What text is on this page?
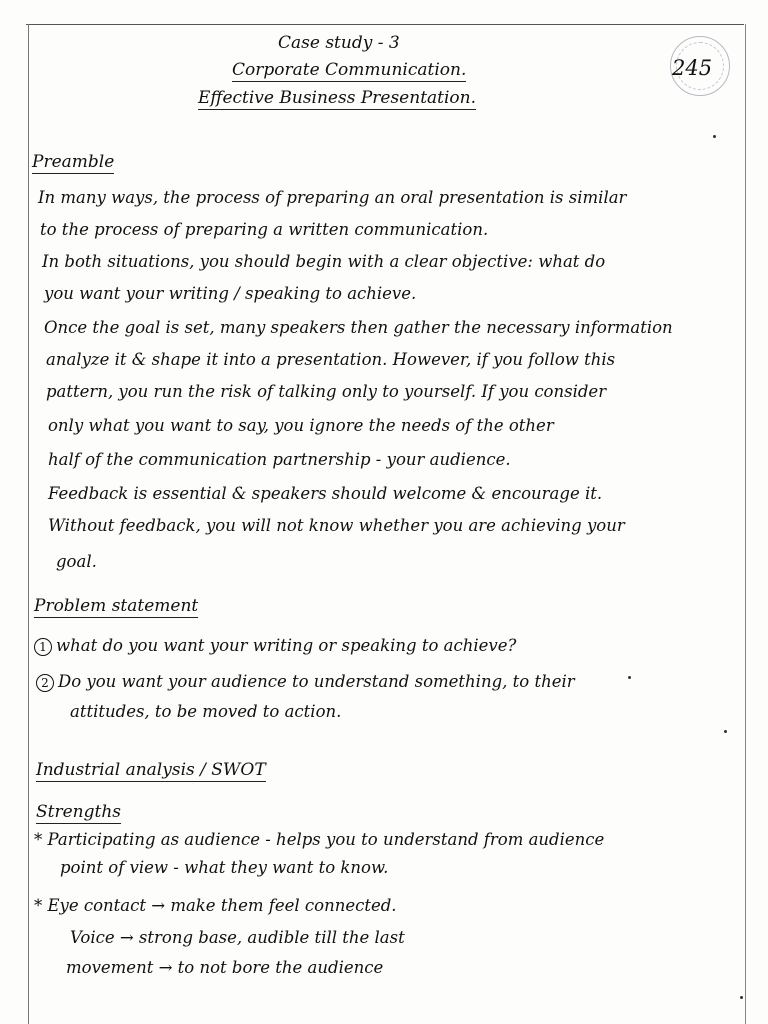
Case study - 3
Corporate Communication.
Effective Business Presentation.
245
Preamble
In many ways, the process of preparing an oral presentation is similar
to the process of preparing a written communication.
In both situations, you should begin with a clear objective: what do
you want your writing / speaking to achieve.
Once the goal is set, many speakers then gather the necessary information
analyze it & shape it into a presentation. However, if you follow this
pattern, you run the risk of talking only to yourself. If you consider
only what you want to say, you ignore the needs of the other
half of the communication partnership - your audience.
Feedback is essential & speakers should welcome & encourage it.
Without feedback, you will not know whether you are achieving your
goal.
Problem statement
1 what do you want your writing or speaking to achieve?
2 Do you want your audience to understand something, to their
attitudes, to be moved to action.
Industrial analysis / SWOT
Strengths
* Participating as audience - helps you to understand from audience
point of view - what they want to know.
* Eye contact → make them feel connected.
Voice → strong base, audible till the last
movement → to not bore the audience
